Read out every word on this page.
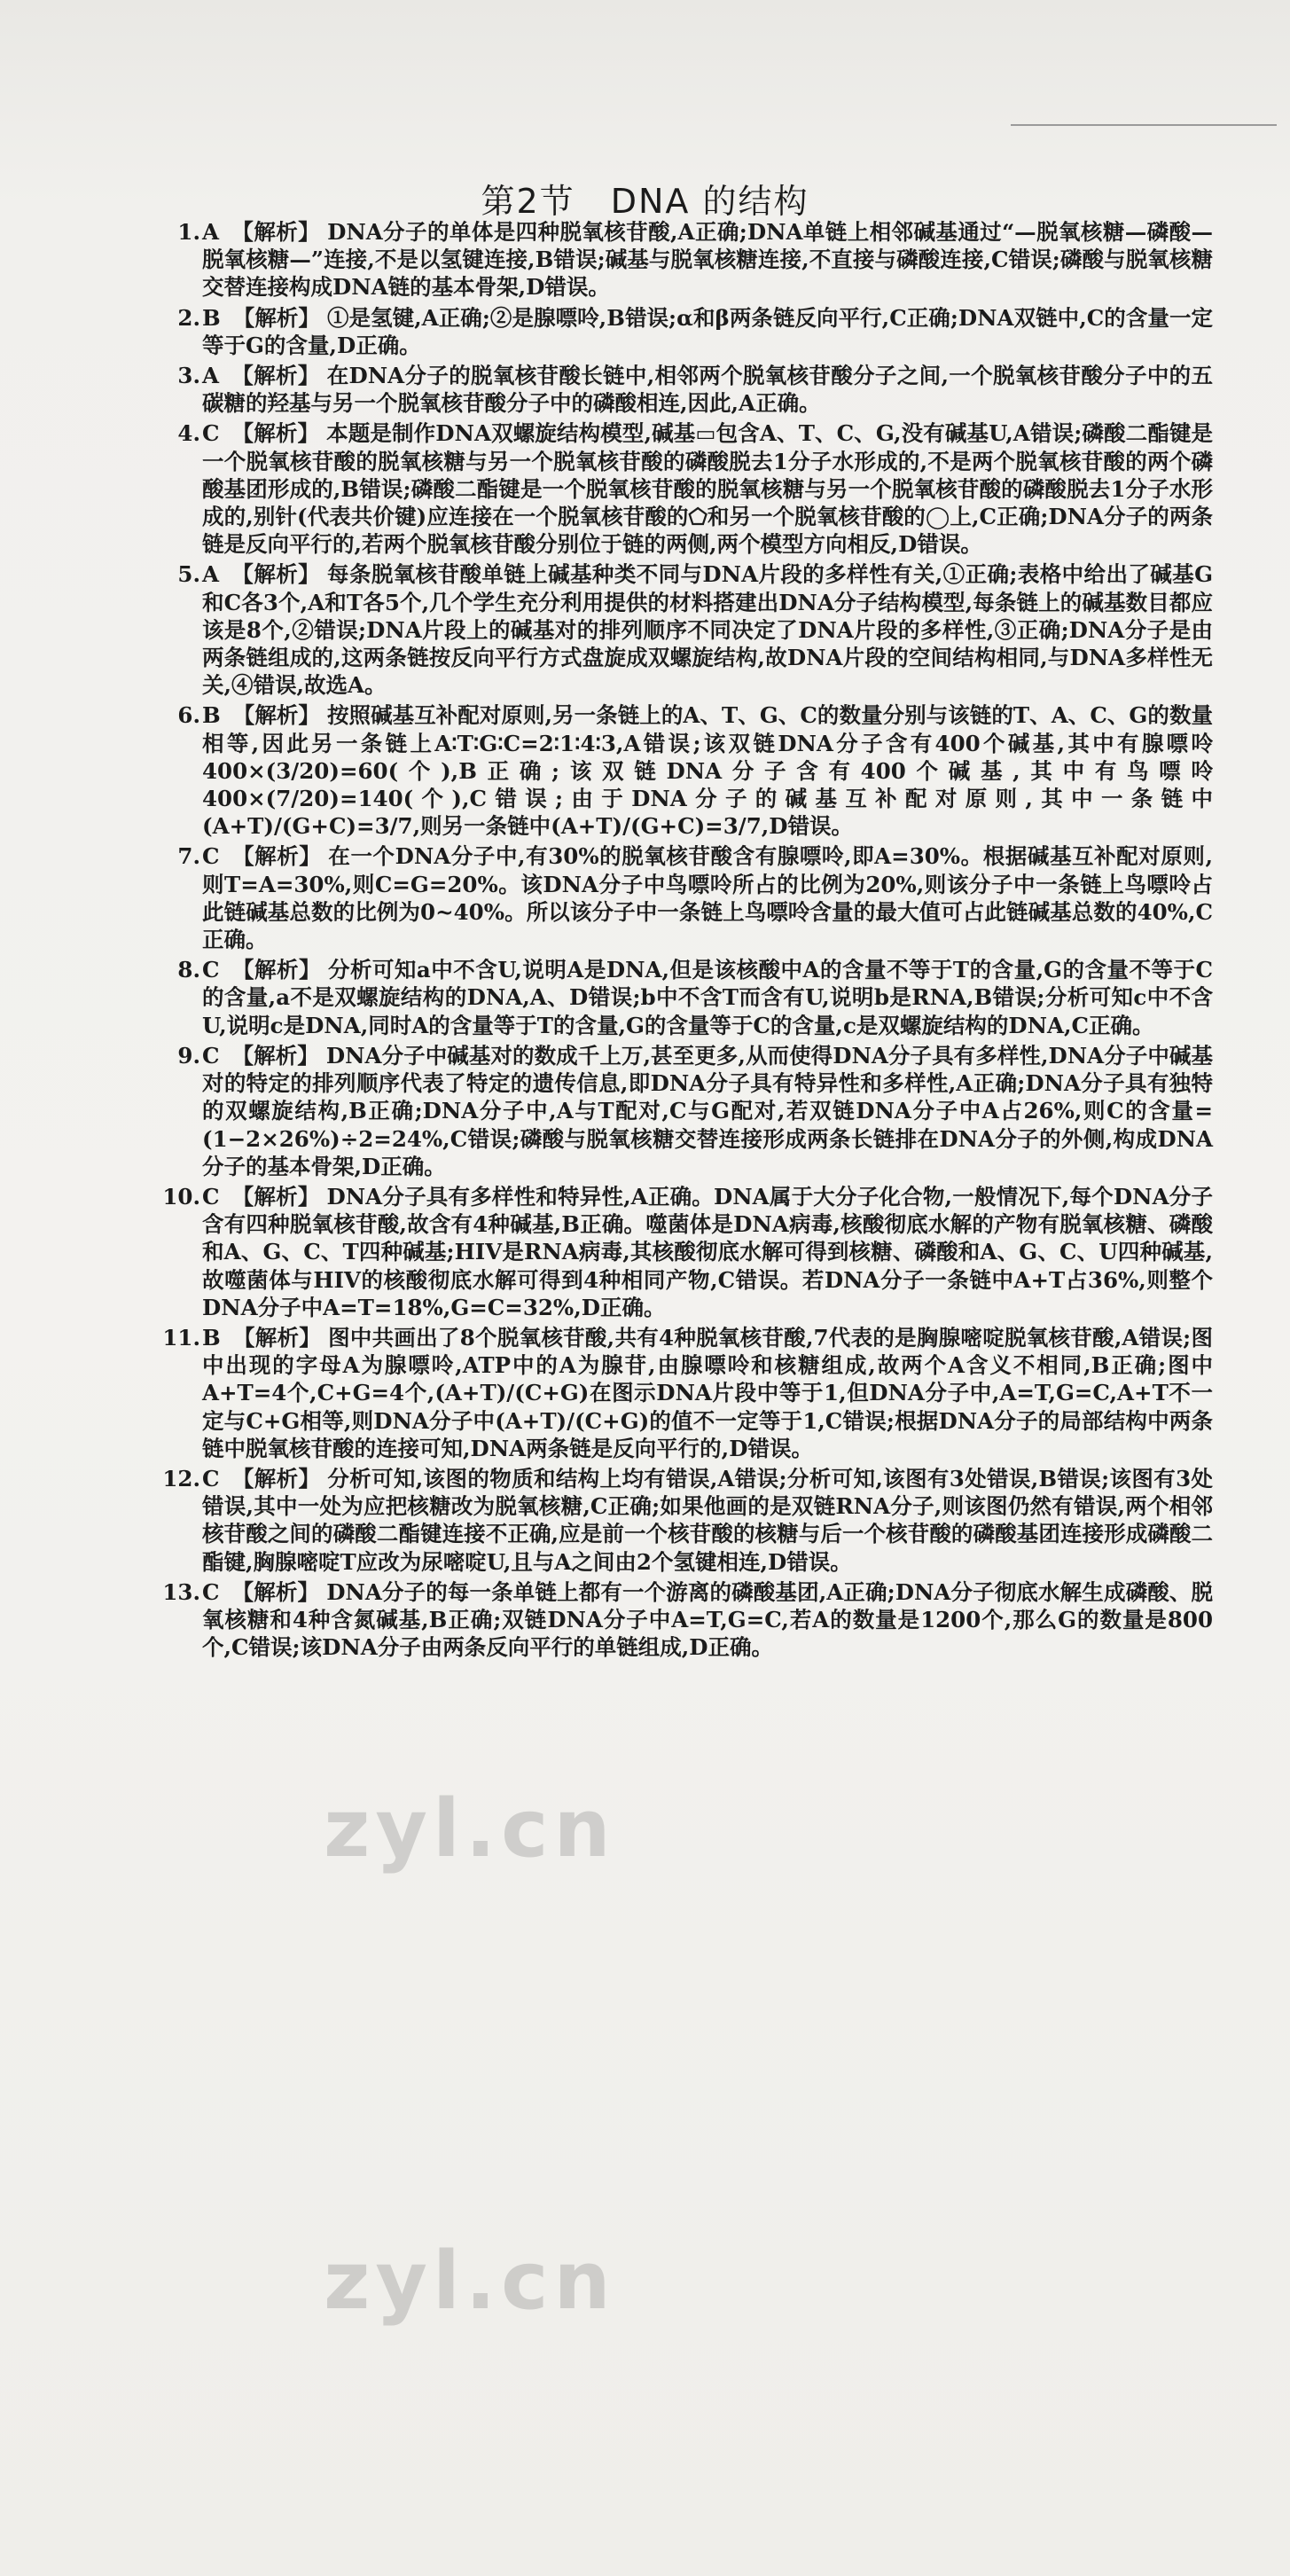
第2节　DNA 的结构
1. A 【解析】 DNA分子的单体是四种脱氧核苷酸,A正确;DNA单链上相邻碱基通过“—脱氧核糖—磷酸—脱氧核糖—”连接,不是以氢键连接,B错误;碱基与脱氧核糖连接,不直接与磷酸连接,C错误;磷酸与脱氧核糖交替连接构成DNA链的基本骨架,D错误。
2. B 【解析】 ①是氢键,A正确;②是腺嘌呤,B错误;α和β两条链反向平行,C正确;DNA双链中,C的含量一定等于G的含量,D正确。
3. A 【解析】 在DNA分子的脱氧核苷酸长链中,相邻两个脱氧核苷酸分子之间,一个脱氧核苷酸分子中的五碳糖的羟基与另一个脱氧核苷酸分子中的磷酸相连,因此,A正确。
4. C 【解析】 本题是制作DNA双螺旋结构模型,碱基▭包含A、T、C、G,没有碱基U,A错误;磷酸二酯键是一个脱氧核苷酸的脱氧核糖与另一个脱氧核苷酸的磷酸脱去1分子水形成的,不是两个脱氧核苷酸的两个磷酸基团形成的,B错误;磷酸二酯键是一个脱氧核苷酸的脱氧核糖与另一个脱氧核苷酸的磷酸脱去1分子水形成的,别针(代表共价键)应连接在一个脱氧核苷酸的⬠和另一个脱氧核苷酸的◯上,C正确;DNA分子的两条链是反向平行的,若两个脱氧核苷酸分别位于链的两侧,两个模型方向相反,D错误。
5. A 【解析】 每条脱氧核苷酸单链上碱基种类不同与DNA片段的多样性有关,①正确;表格中给出了碱基G和C各3个,A和T各5个,几个学生充分利用提供的材料搭建出DNA分子结构模型,每条链上的碱基数目都应该是8个,②错误;DNA片段上的碱基对的排列顺序不同决定了DNA片段的多样性,③正确;DNA分子是由两条链组成的,这两条链按反向平行方式盘旋成双螺旋结构,故DNA片段的空间结构相同,与DNA多样性无关,④错误,故选A。
6. B 【解析】 按照碱基互补配对原则,另一条链上的A、T、G、C的数量分别与该链的T、A、C、G的数量相等,因此另一条链上A∶T∶G∶C=2∶1∶4∶3,A错误;该双链DNA分子含有400个碱基,其中有腺嘌呤400×(3/20)=60(个),B正确;该双链DNA分子含有400个碱基,其中有鸟嘌呤400×(7/20)=140(个),C错误;由于DNA分子的碱基互补配对原则,其中一条链中(A+T)/(G+C)=3/7,则另一条链中(A+T)/(G+C)=3/7,D错误。
7. C 【解析】 在一个DNA分子中,有30%的脱氧核苷酸含有腺嘌呤,即A=30%。根据碱基互补配对原则,则T=A=30%,则C=G=20%。该DNA分子中鸟嘌呤所占的比例为20%,则该分子中一条链上鸟嘌呤占此链碱基总数的比例为0~40%。所以该分子中一条链上鸟嘌呤含量的最大值可占此链碱基总数的40%,C正确。
8. C 【解析】 分析可知a中不含U,说明A是DNA,但是该核酸中A的含量不等于T的含量,G的含量不等于C的含量,a不是双螺旋结构的DNA,A、D错误;b中不含T而含有U,说明b是RNA,B错误;分析可知c中不含U,说明c是DNA,同时A的含量等于T的含量,G的含量等于C的含量,c是双螺旋结构的DNA,C正确。
9. C 【解析】 DNA分子中碱基对的数成千上万,甚至更多,从而使得DNA分子具有多样性,DNA分子中碱基对的特定的排列顺序代表了特定的遗传信息,即DNA分子具有特异性和多样性,A正确;DNA分子具有独特的双螺旋结构,B正确;DNA分子中,A与T配对,C与G配对,若双链DNA分子中A占26%,则C的含量=(1−2×26%)÷2=24%,C错误;磷酸与脱氧核糖交替连接形成两条长链排在DNA分子的外侧,构成DNA分子的基本骨架,D正确。
10. C 【解析】 DNA分子具有多样性和特异性,A正确。DNA属于大分子化合物,一般情况下,每个DNA分子含有四种脱氧核苷酸,故含有4种碱基,B正确。噬菌体是DNA病毒,核酸彻底水解的产物有脱氧核糖、磷酸和A、G、C、T四种碱基;HIV是RNA病毒,其核酸彻底水解可得到核糖、磷酸和A、G、C、U四种碱基,故噬菌体与HIV的核酸彻底水解可得到4种相同产物,C错误。若DNA分子一条链中A+T占36%,则整个DNA分子中A=T=18%,G=C=32%,D正确。
11. B 【解析】 图中共画出了8个脱氧核苷酸,共有4种脱氧核苷酸,7代表的是胸腺嘧啶脱氧核苷酸,A错误;图中出现的字母A为腺嘌呤,ATP中的A为腺苷,由腺嘌呤和核糖组成,故两个A含义不相同,B正确;图中A+T=4个,C+G=4个,(A+T)/(C+G)在图示DNA片段中等于1,但DNA分子中,A=T,G=C,A+T不一定与C+G相等,则DNA分子中(A+T)/(C+G)的值不一定等于1,C错误;根据DNA分子的局部结构中两条链中脱氧核苷酸的连接可知,DNA两条链是反向平行的,D错误。
12. C 【解析】 分析可知,该图的物质和结构上均有错误,A错误;分析可知,该图有3处错误,B错误;该图有3处错误,其中一处为应把核糖改为脱氧核糖,C正确;如果他画的是双链RNA分子,则该图仍然有错误,两个相邻核苷酸之间的磷酸二酯键连接不正确,应是前一个核苷酸的核糖与后一个核苷酸的磷酸基团连接形成磷酸二酯键,胸腺嘧啶T应改为尿嘧啶U,且与A之间由2个氢键相连,D错误。
13. C 【解析】 DNA分子的每一条单链上都有一个游离的磷酸基团,A正确;DNA分子彻底水解生成磷酸、脱氧核糖和4种含氮碱基,B正确;双链DNA分子中A=T,G=C,若A的数量是1200个,那么G的数量是800个,C错误;该DNA分子由两条反向平行的单链组成,D正确。
zyl.cn
zyl.cn
